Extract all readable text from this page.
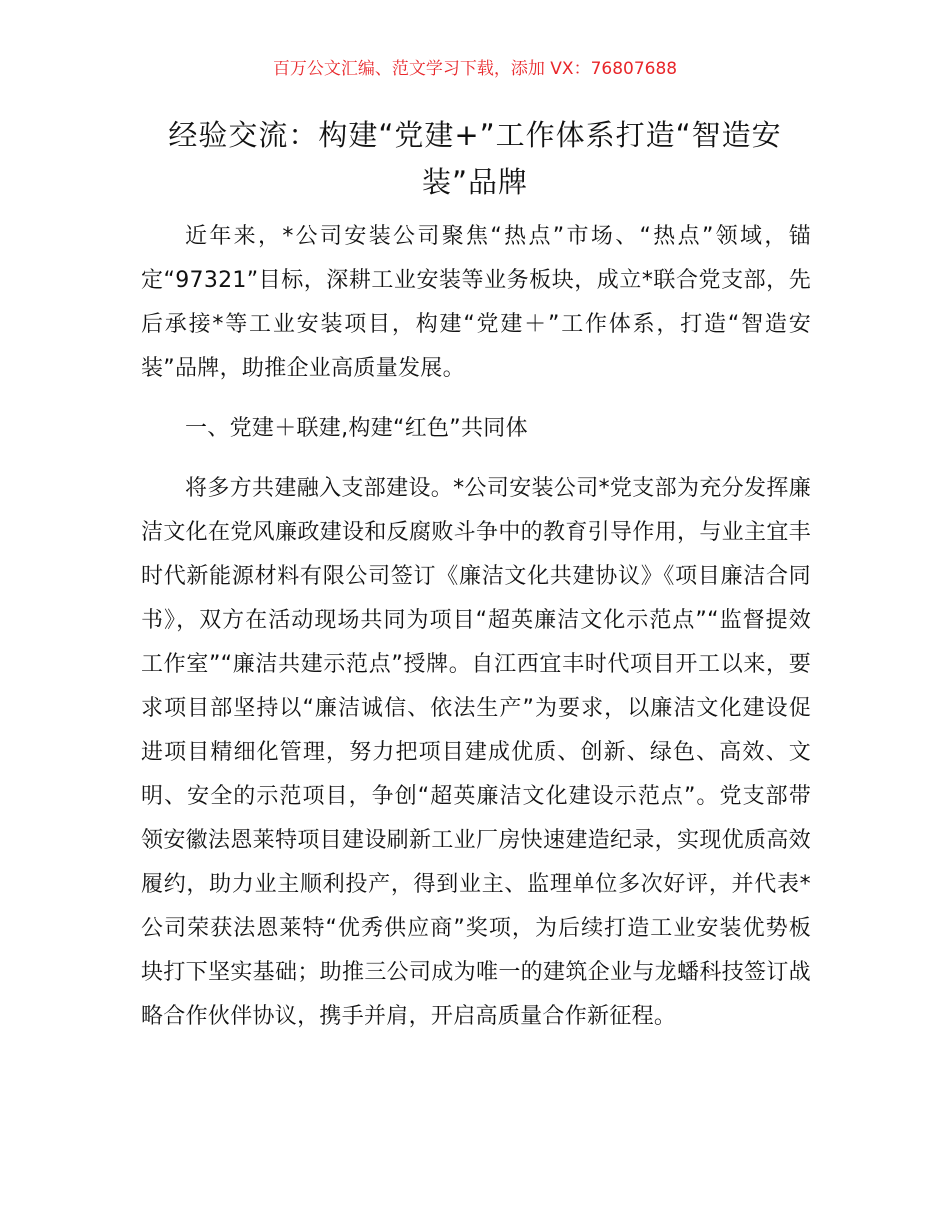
百万公文汇编、范文学习下载，添加 VX：76807688
经验交流：构建“党建+”工作体系打造“智造安装”品牌

近年来，*公司安装公司聚焦“热点”市场、“热点”领域，锚定“97321”目标，深耕工业安装等业务板块，成立*联合党支部，先后承接*等工业安装项目，构建“党建＋”工作体系，打造“智造安装”品牌，助推企业高质量发展。

一、党建＋联建,构建“红色”共同体

将多方共建融入支部建设。*公司安装公司*党支部为充分发挥廉洁文化在党风廉政建设和反腐败斗争中的教育引导作用，与业主宜丰时代新能源材料有限公司签订《廉洁文化共建协议》《项目廉洁合同书》，双方在活动现场共同为项目“超英廉洁文化示范点”“监督提效工作室”“廉洁共建示范点”授牌。自江西宜丰时代项目开工以来，要求项目部坚持以“廉洁诚信、依法生产”为要求，以廉洁文化建设促进项目精细化管理，努力把项目建成优质、创新、绿色、高效、文明、安全的示范项目，争创“超英廉洁文化建设示范点”。党支部带领安徽法恩莱特项目建设刷新工业厂房快速建造纪录，实现优质高效履约，助力业主顺利投产，得到业主、监理单位多次好评，并代表*公司荣获法恩莱特“优秀供应商”奖项，为后续打造工业安装优势板块打下坚实基础；助推三公司成为唯一的建筑企业与龙蟠科技签订战略合作伙伴协议，携手并肩，开启高质量合作新征程。
